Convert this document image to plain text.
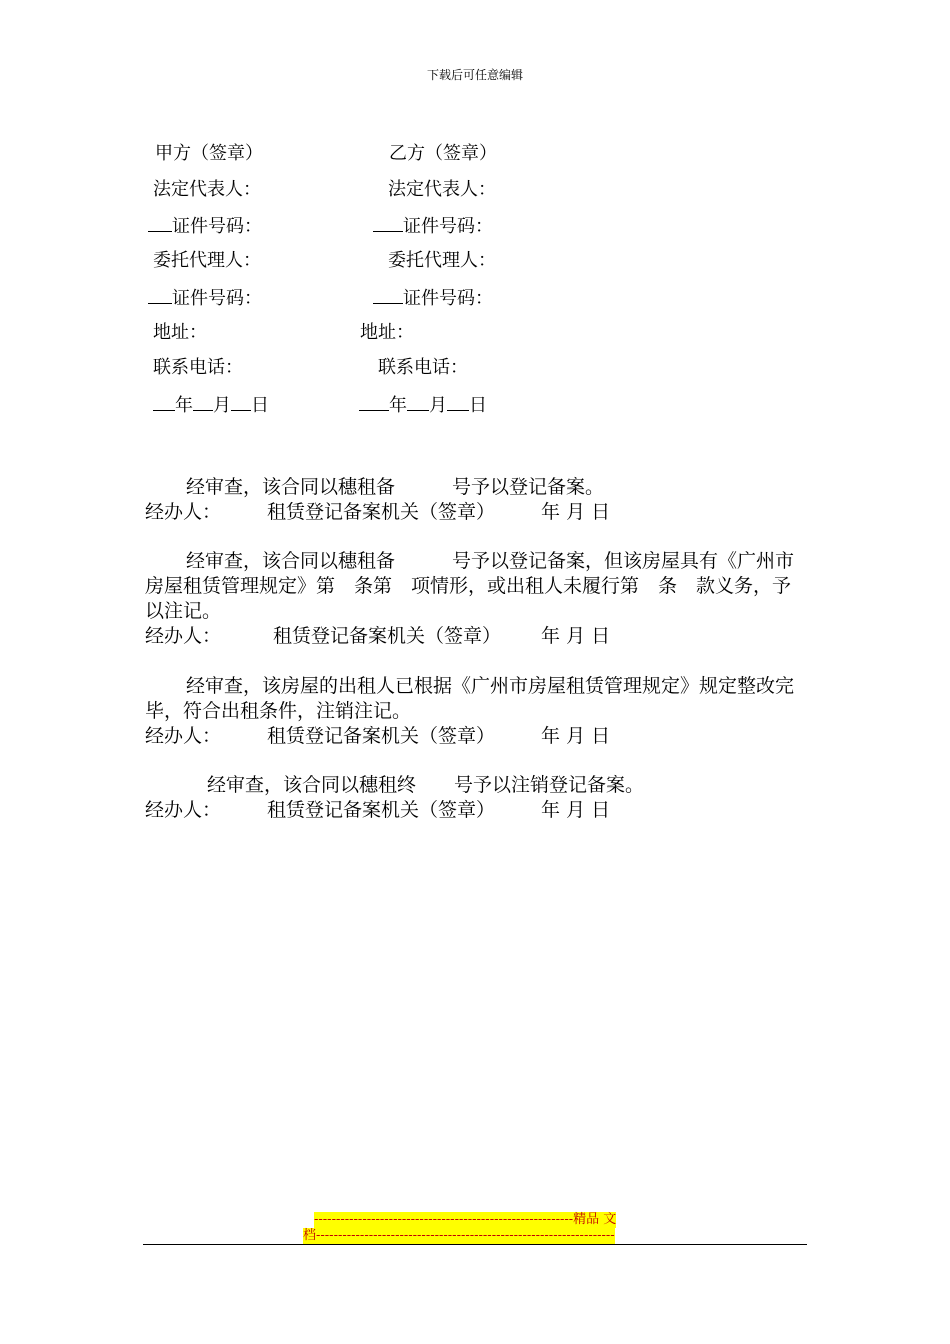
下载后可任意编辑
甲方（签章）
法定代表人：
证件号码：
委托代理人：
证件号码：
地址：
联系电话：
年 月 日
乙方（签章）
法定代表人：
证件号码：
委托代理人：
证件号码：
地址：
联系电话：
年 月 日
经审查，该合同以穗租备　　　号予以登记备案。
经办人： 租赁登记备案机关（签章） 年 月 日
经审查，该合同以穗租备　　　号予以登记备案，但该房屋具有《广州市房屋租赁管理规定》第　条第　项情形，或出租人未履行第　条　款义务，予以注记。
经办人：	租赁登记备案机关（签章） 年 月 日
经审查，该房屋的出租人已根据《广州市房屋租赁管理规定》规定整改完毕，符合出租条件，注销注记。
经办人： 租赁登记备案机关（签章） 年 月 日
经审查，该合同以穗租终　　号予以注销登记备案。
经办人： 租赁登记备案机关（签章） 年 月 日
-----------------------------------------------------------精品 文
档--------------------------------------------------------------------
